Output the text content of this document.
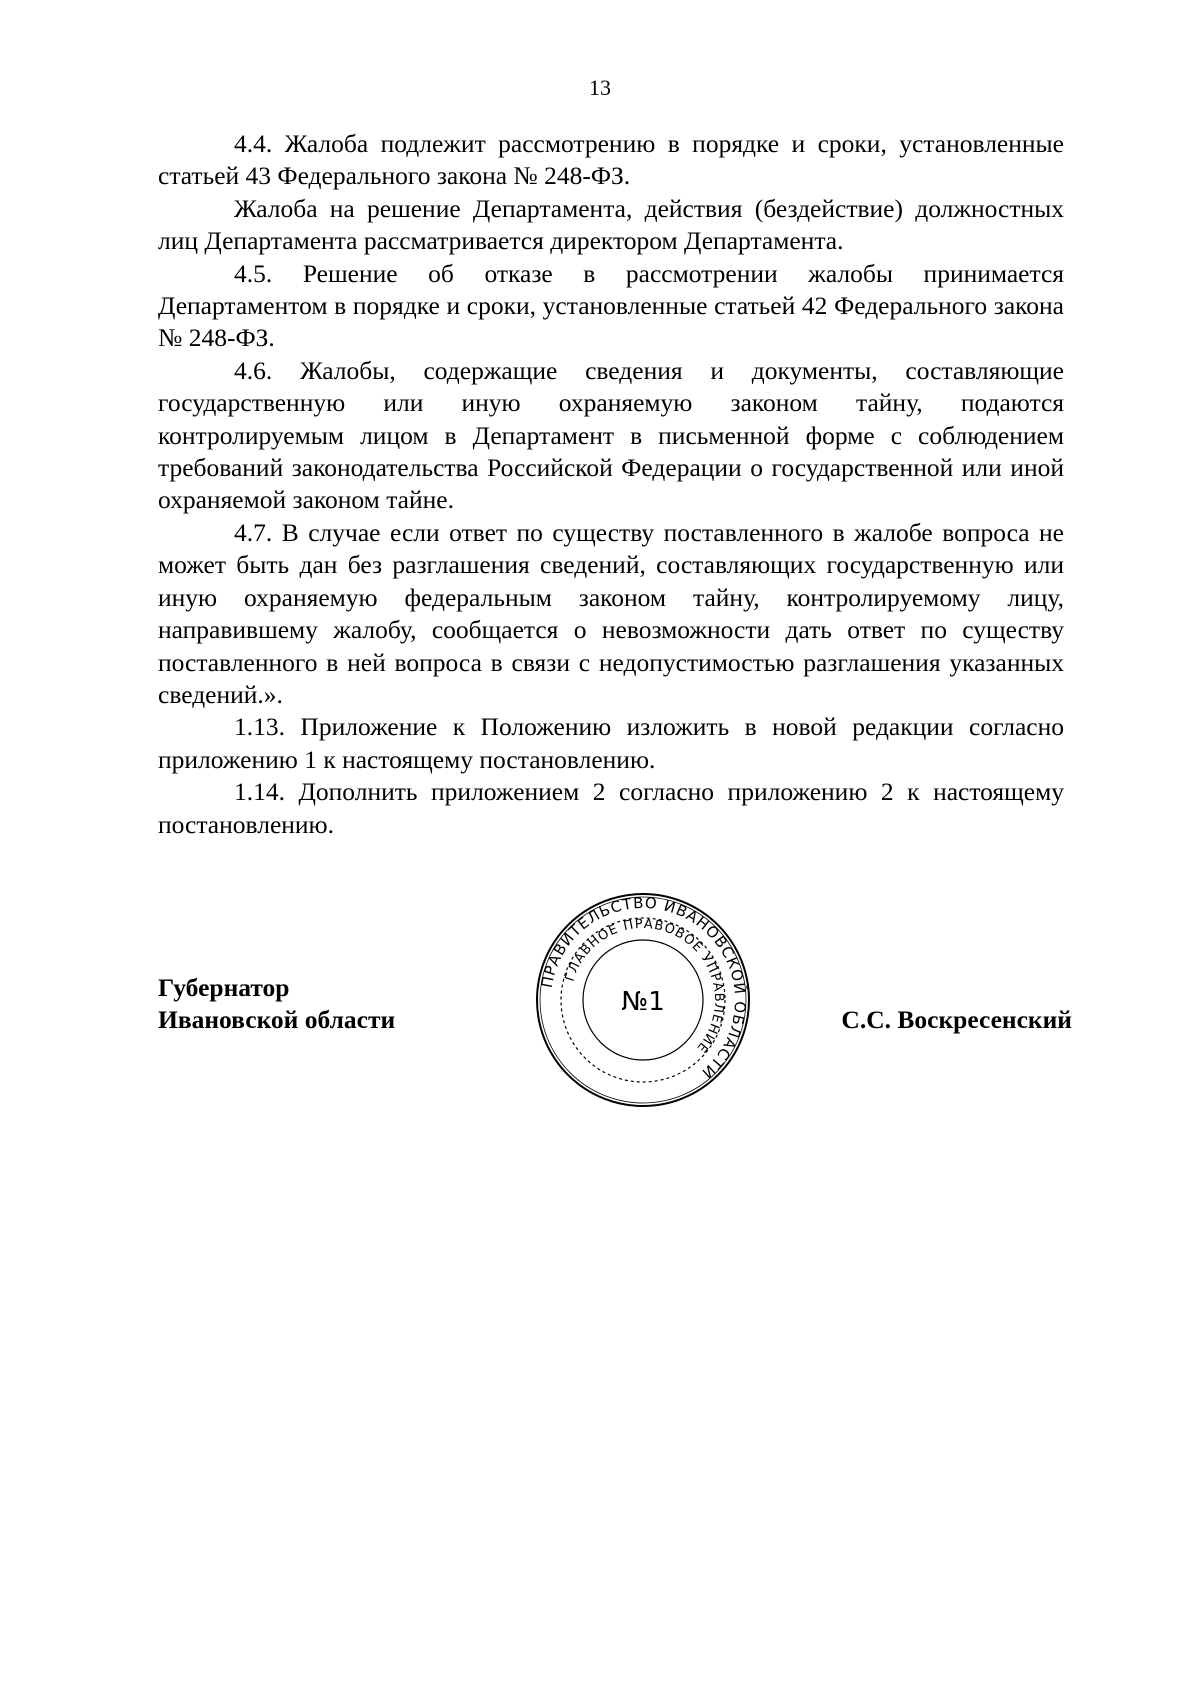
13

4.4. Жалоба подлежит рассмотрению в порядке и сроки, установленные статьей 43 Федерального закона № 248-ФЗ.

Жалоба на решение Департамента, действия (бездействие) должностных лиц Департамента рассматривается директором Департамента.

4.5. Решение об отказе в рассмотрении жалобы принимается Департаментом в порядке и сроки, установленные статьей 42 Федерального закона № 248-ФЗ.

4.6. Жалобы, содержащие сведения и документы, составляющие государственную или иную охраняемую законом тайну, подаются контролируемым лицом в Департамент в письменной форме с соблюдением требований законодательства Российской Федерации о государственной или иной охраняемой законом тайне.

4.7. В случае если ответ по существу поставленного в жалобе вопроса не может быть дан без разглашения сведений, составляющих государственную или иную охраняемую федеральным законом тайну, контролируемому лицу, направившему жалобу, сообщается о невозможности дать ответ по существу поставленного в ней вопроса в связи с недопустимостью разглашения указанных сведений.».

1.13. Приложение к Положению изложить в новой редакции согласно приложению 1 к настоящему постановлению.

1.14. Дополнить приложением 2 согласно приложению 2 к настоящему постановлению.

Губернатор
Ивановской области	С.С. Воскресенский
ПРАВИТЕЛЬСТВО ИВАНОВСКОЙ ОБЛАСТИ
ГЛАВНОЕ ПРАВОВОЕ УПРАВЛЕНИЕ
№1
